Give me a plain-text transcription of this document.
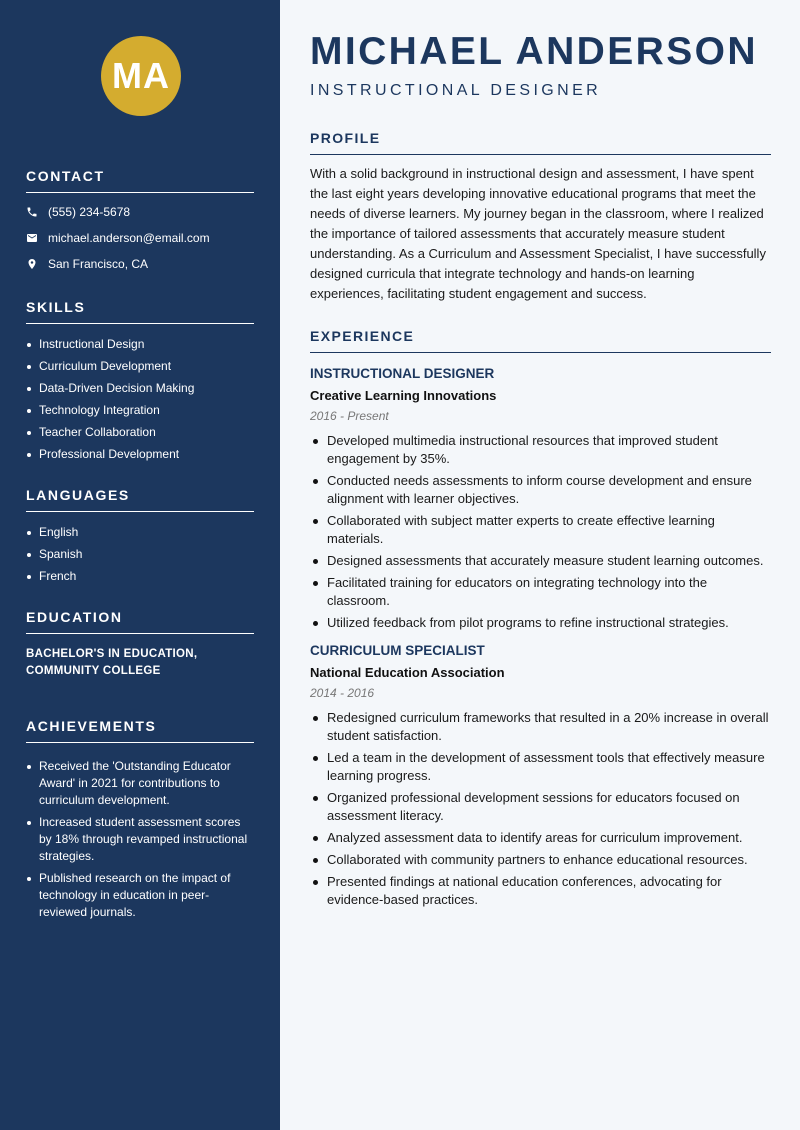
MA
CONTACT
(555) 234-5678
michael.anderson@email.com
San Francisco, CA
SKILLS
Instructional Design
Curriculum Development
Data-Driven Decision Making
Technology Integration
Teacher Collaboration
Professional Development
LANGUAGES
English
Spanish
French
EDUCATION
BACHELOR'S IN EDUCATION, COMMUNITY COLLEGE
ACHIEVEMENTS
Received the 'Outstanding Educator Award' in 2021 for contributions to curriculum development.
Increased student assessment scores by 18% through revamped instructional strategies.
Published research on the impact of technology in education in peer-reviewed journals.
MICHAEL ANDERSON
INSTRUCTIONAL DESIGNER
PROFILE

With a solid background in instructional design and assessment, I have spent the last eight years developing innovative educational programs that meet the needs of diverse learners. My journey began in the classroom, where I realized the importance of tailored assessments that accurately measure student understanding. As a Curriculum and Assessment Specialist, I have successfully designed curricula that integrate technology and hands-on learning experiences, facilitating student engagement and success.

EXPERIENCE
INSTRUCTIONAL DESIGNER
Creative Learning Innovations
2016 - Present
Developed multimedia instructional resources that improved student engagement by 35%.
Conducted needs assessments to inform course development and ensure alignment with learner objectives.
Collaborated with subject matter experts to create effective learning materials.
Designed assessments that accurately measure student learning outcomes.
Facilitated training for educators on integrating technology into the classroom.
Utilized feedback from pilot programs to refine instructional strategies.
CURRICULUM SPECIALIST
National Education Association
2014 - 2016
Redesigned curriculum frameworks that resulted in a 20% increase in overall student satisfaction.
Led a team in the development of assessment tools that effectively measure learning progress.
Organized professional development sessions for educators focused on assessment literacy.
Analyzed assessment data to identify areas for curriculum improvement.
Collaborated with community partners to enhance educational resources.
Presented findings at national education conferences, advocating for evidence-based practices.
